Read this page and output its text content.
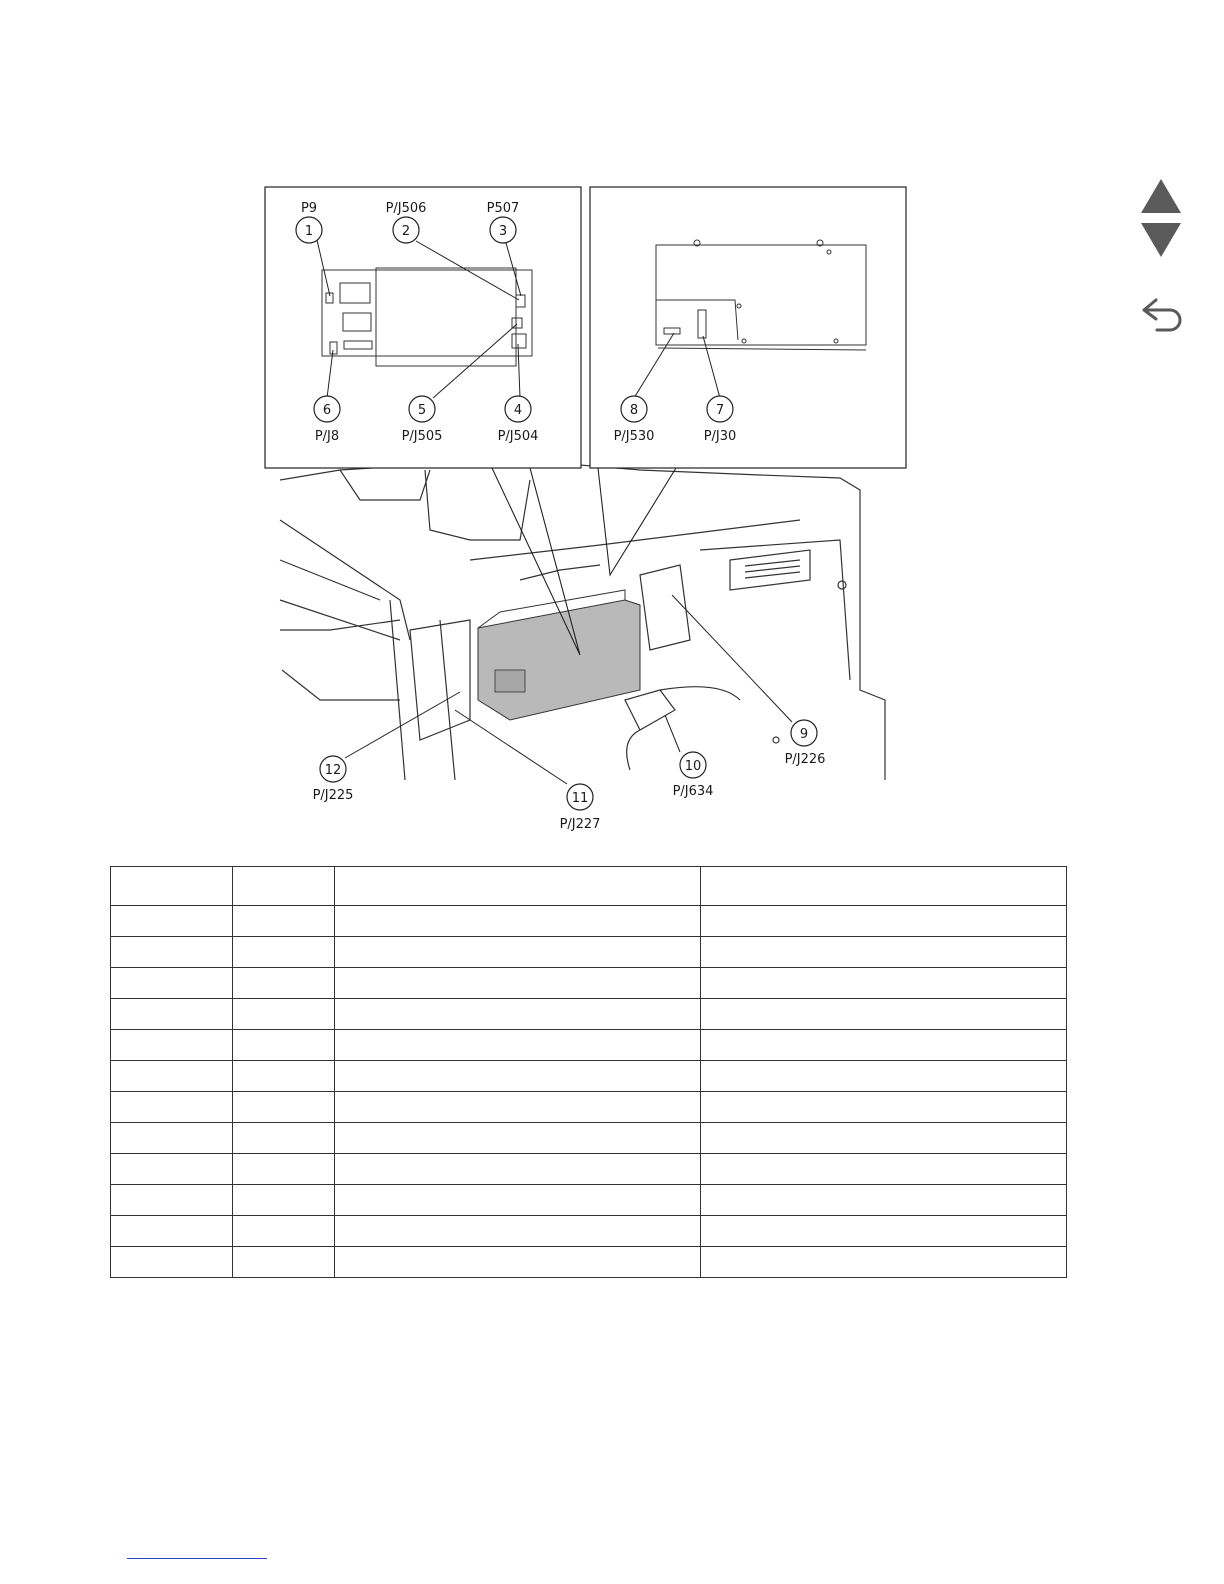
1	2	3
6	5	4
P9	P/J506	P507
P/J8	P/J505	P/J504
8	7
P/J530	P/J30
9
10
11
12
P/J226
P/J634
P/J227
P/J225
